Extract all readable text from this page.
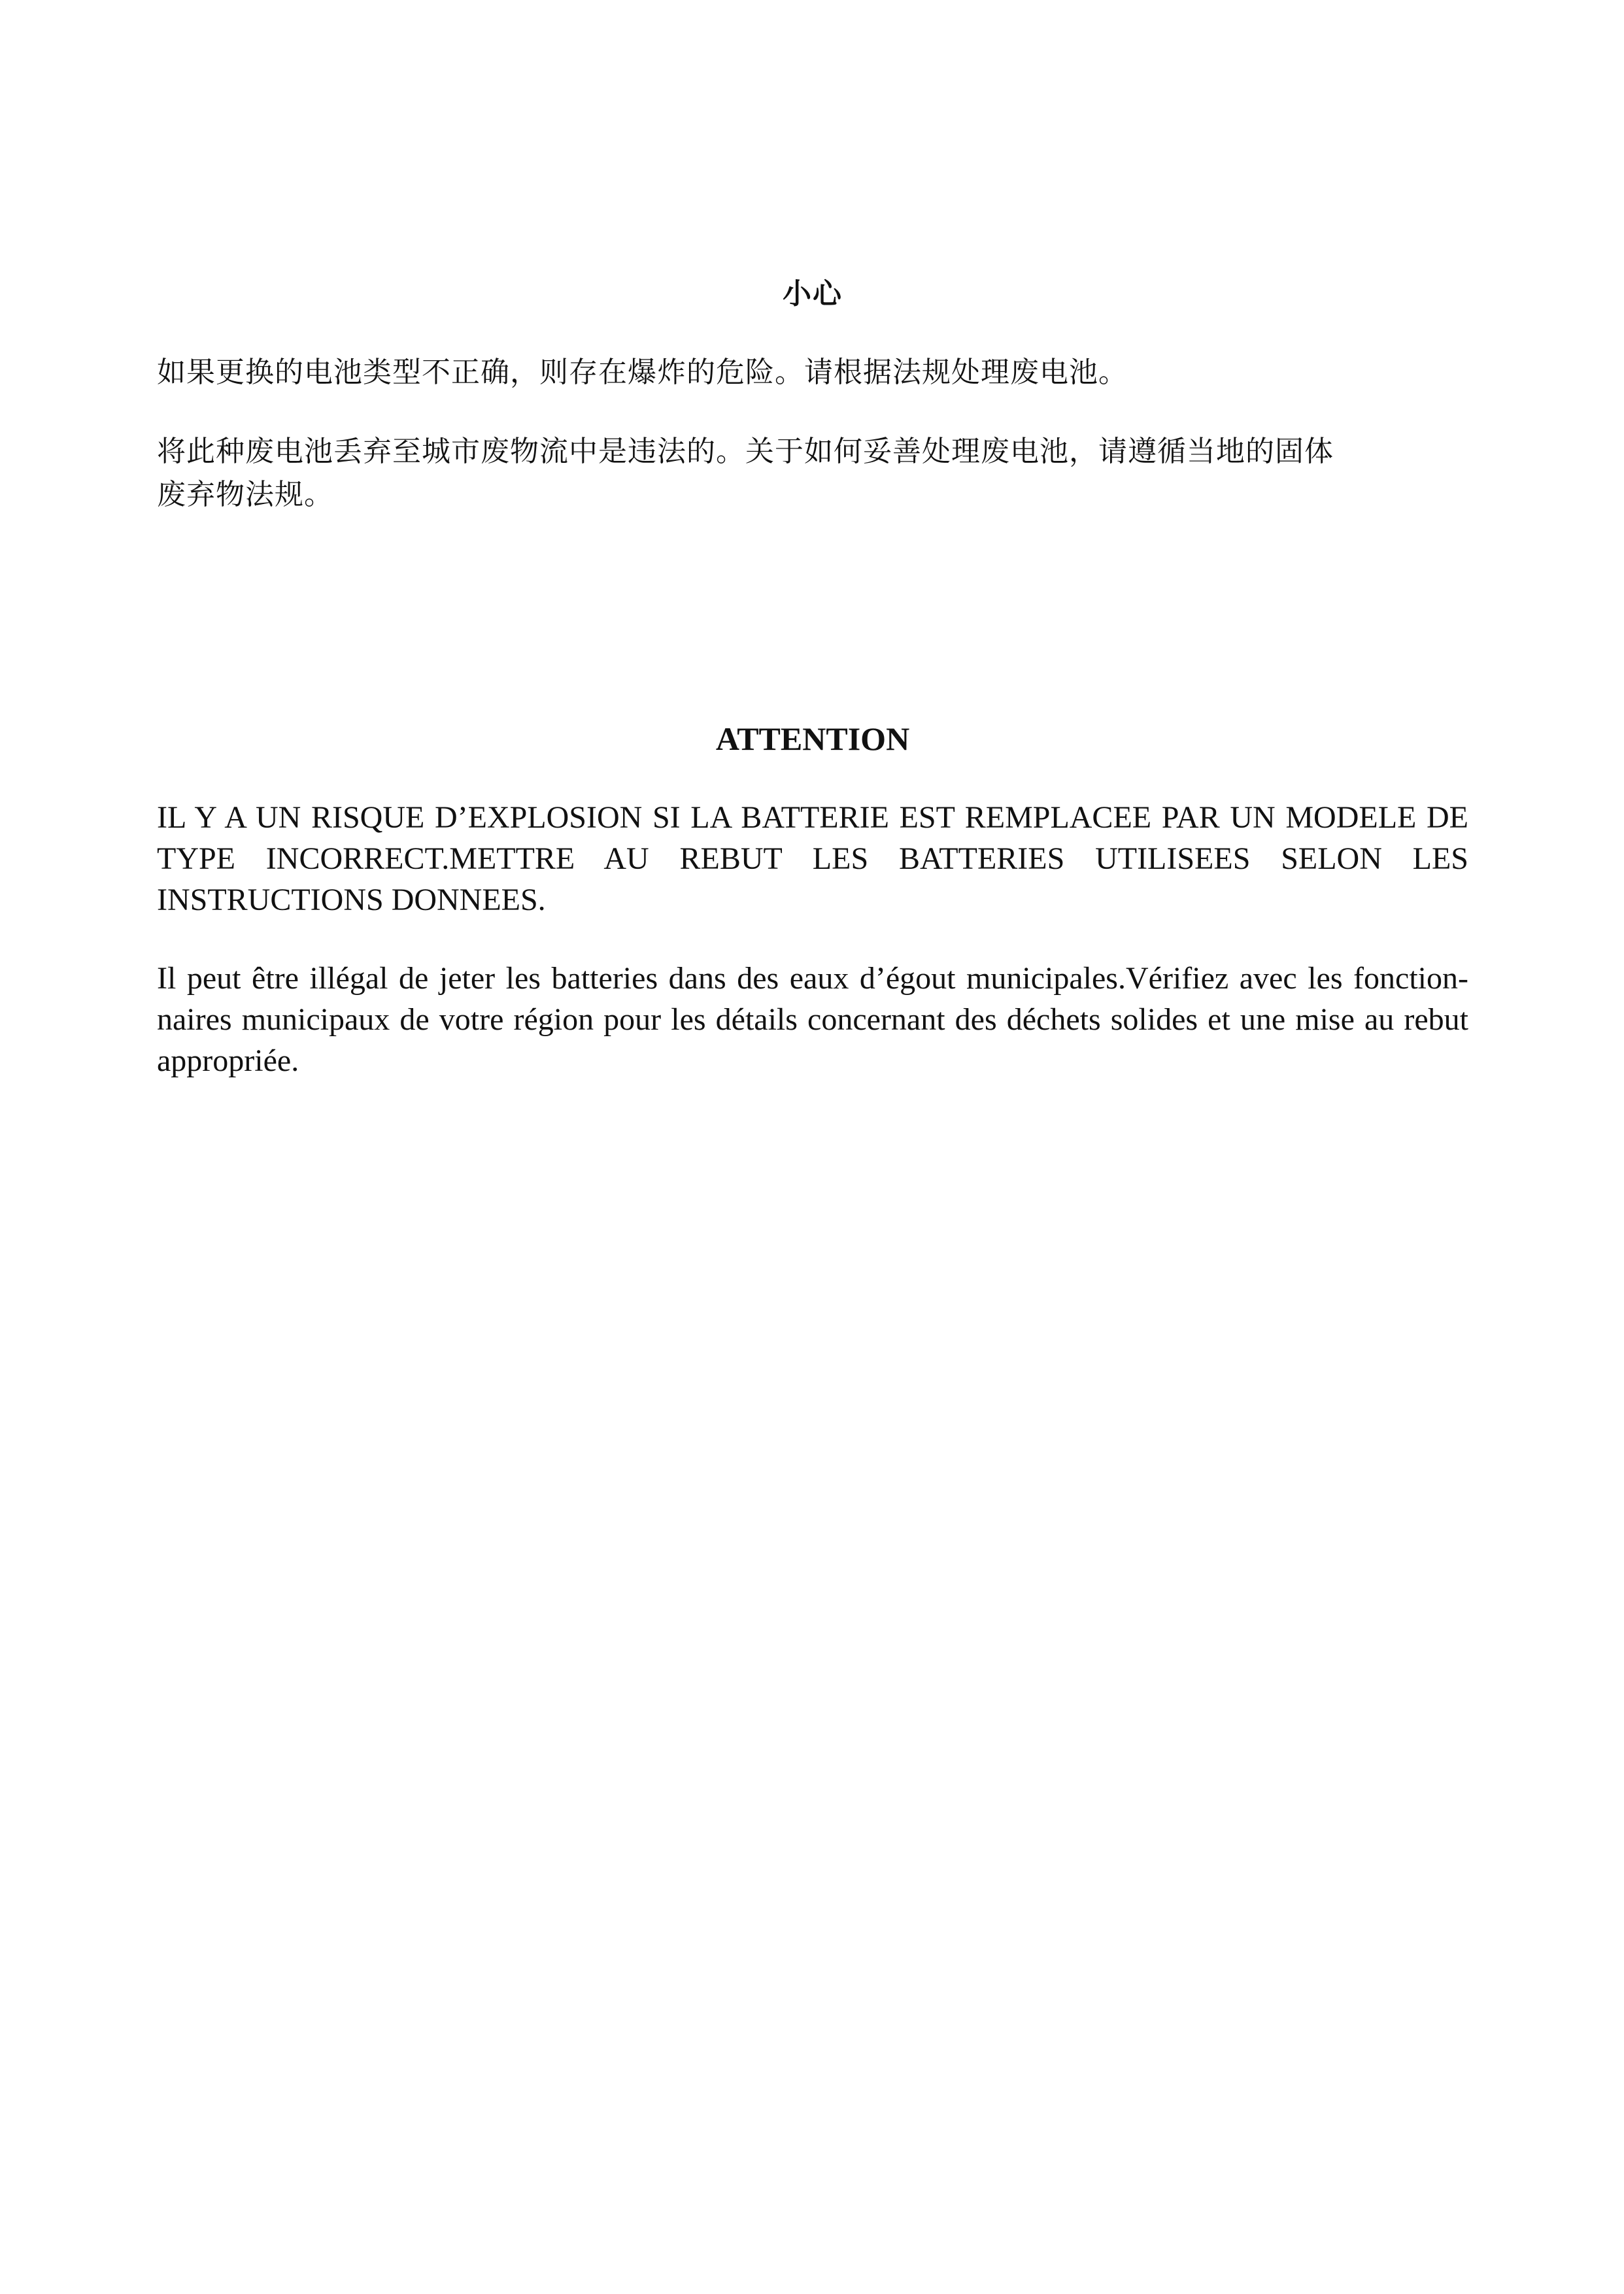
小心

如果更换的电池类型不正确，则存在爆炸的危险。请根据法规处理废电池。

将此种废电池丢弃至城市废物流中是违法的。关于如何妥善处理废电池，请遵循当地的固体
废弃物法规。

ATTENTION

IL Y A UN RISQUE D’EXPLOSION SI LA BATTERIE EST REMPLACEE PAR UN MODELE DE TYPE INCORRECT.METTRE AU REBUT LES BATTERIES UTILISEES SELON LES INSTRUCTIONS DONNEES.

Il peut être illégal de jeter les batteries dans des eaux d’égout municipales.Vérifiez avec les fonctionnaires municipaux de votre région pour les détails concernant des déchets solides et une mise au rebut appropriée.
